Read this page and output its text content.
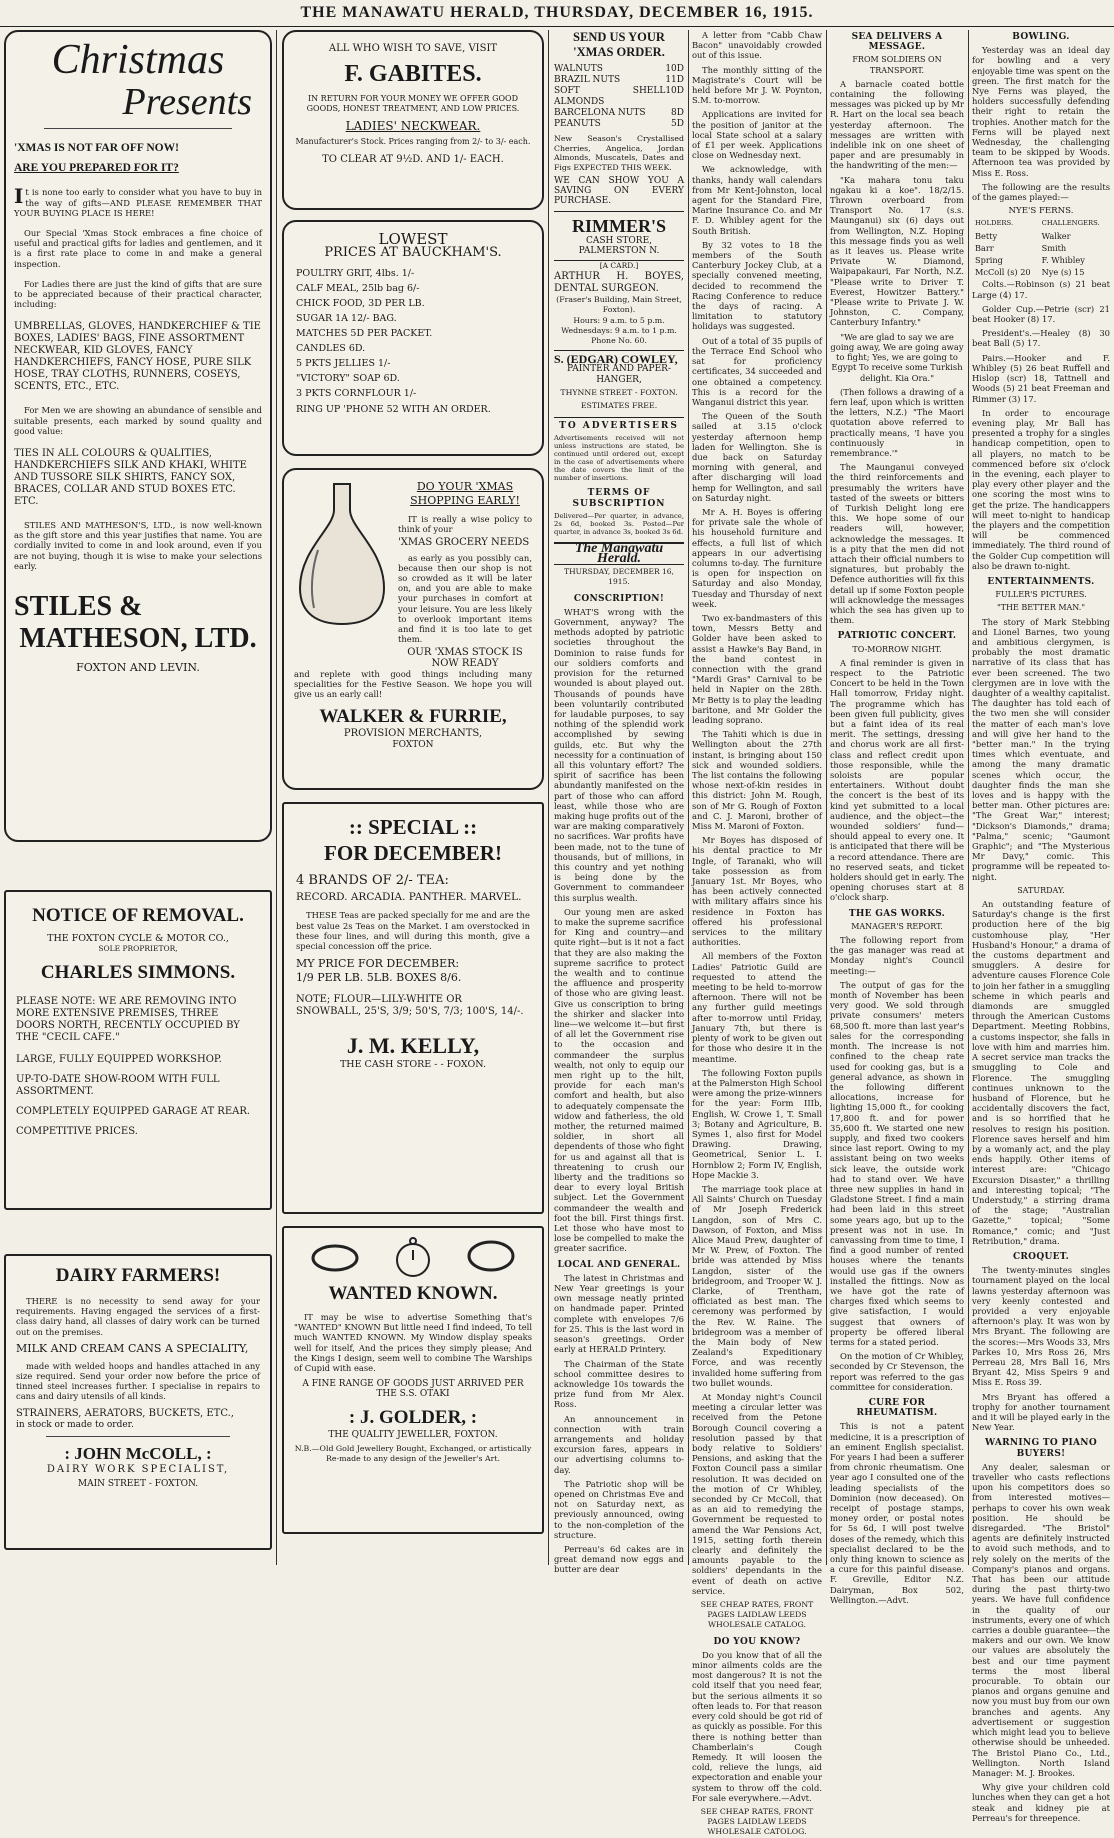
THE MANAWATU HERALD, THURSDAY, DECEMBER 16, 1915.
Christmas
Presents
'XMAS IS NOT FAR OFF NOW!
ARE YOU PREPARED FOR IT?

It is none too early to consider what you have to buy in the way of gifts—AND PLEASE REMEMBER THAT YOUR BUYING PLACE IS HERE!

Our Special 'Xmas Stock embraces a fine choice of useful and practical gifts for ladies and gentlemen, and it is a first rate place to come in and make a general inspection.

For Ladies there are just the kind of gifts that are sure to be appreciated because of their practical character, including:

UMBRELLAS, GLOVES, HANDKERCHIEF & TIE BOXES, LADIES' BAGS, FINE ASSORTMENT NECKWEAR, KID GLOVES, FANCY HANDKERCHIEFS, FANCY HOSE, PURE SILK HOSE, TRAY CLOTHS, RUNNERS, COSEYS, SCENTS, ETC., ETC.

For Men we are showing an abundance of sensible and suitable presents, each marked by sound quality and good value:

TIES IN ALL COLOURS & QUALITIES, HANDKERCHIEFS SILK AND KHAKI, WHITE AND TUSSORE SILK SHIRTS, FANCY SOX, BRACES, COLLAR AND STUD BOXES ETC. ETC.

STILES AND MATHESON'S, LTD., is now well-known as the gift store and this year justifies that name. You are cordially invited to come in and look around, even if you are not buying, though it is wise to make your selections early.

STILES &
MATHESON, LTD.
FOXTON AND LEVIN.
NOTICE OF REMOVAL.
THE FOXTON CYCLE & MOTOR CO.,
SOLE PROPRIETOR,
CHARLES SIMMONS.
PLEASE NOTE: WE ARE REMOVING INTO MORE EXTENSIVE PREMISES, THREE DOORS NORTH, RECENTLY OCCUPIED BY THE "CECIL CAFE."
LARGE, FULLY EQUIPPED WORKSHOP.
UP-TO-DATE SHOW-ROOM WITH FULL ASSORTMENT.
COMPLETELY EQUIPPED GARAGE AT REAR.
COMPETITIVE PRICES.
DAIRY FARMERS!

THERE is no necessity to send away for your requirements. Having engaged the services of a first-class dairy hand, all classes of dairy work can be turned out on the premises.

MILK AND CREAM CANS A SPECIALITY,

made with welded hoops and handles attached in any size required. Send your order now before the price of tinned steel increases further. I specialise in repairs to cans and dairy utensils of all kinds.

STRAINERS, AERATORS, BUCKETS, ETC.,
in stock or made to order.
: JOHN McCOLL, :
DAIRY WORK SPECIALIST,
MAIN STREET - FOXTON.
ALL WHO WISH TO SAVE, VISIT
F. GABITES.
IN RETURN FOR YOUR MONEY WE OFFER GOOD GOODS, HONEST TREATMENT, AND LOW PRICES.
LADIES' NECKWEAR.
Manufacturer's Stock. Prices ranging from 2/- to 3/- each.
TO CLEAR AT 9½D. AND 1/- EACH.
LOWEST
PRICES AT BAUCKHAM'S.
POULTRY GRIT, 4lbs. 1/-
CALF MEAL, 25lb bag 6/-
CHICK FOOD, 3D PER LB.
SUGAR 1A 12/- BAG.
MATCHES 5D PER PACKET.
CANDLES 6D.
5 PKTS JELLIES 1/-
"VICTORY" SOAP 6D.
3 PKTS CORNFLOUR 1/-
RING UP 'PHONE 52 WITH AN ORDER.
DO YOUR 'XMAS SHOPPING EARLY!

IT is really a wise policy to think of your

'XMAS GROCERY NEEDS

as early as you possibly can, because then our shop is not so crowded as it will be later on, and you are able to make your purchases in comfort at your leisure. You are less likely to overlook important items and find it is too late to get them.

OUR 'XMAS STOCK IS NOW READY

and replete with good things including many specialities for the Festive Season. We hope you will give us an early call!

WALKER & FURRIE,
PROVISION MERCHANTS,
FOXTON
:: SPECIAL ::
FOR DECEMBER!
4 BRANDS OF 2/- TEA:
RECORD. ARCADIA. PANTHER. MARVEL.

THESE Teas are packed specially for me and are the best value 2s Teas on the Market. I am overstocked in these four lines, and will during this month, give a special concession off the price.

MY PRICE FOR DECEMBER:
1/9 PER LB. 5LB. BOXES 8/6.
NOTE; FLOUR—LILY-WHITE OR SNOWBALL, 25'S, 3/9; 50'S, 7/3; 100'S, 14/-.
J. M. KELLY,
THE CASH STORE - - FOXON.
WANTED KNOWN.

IT may be wise to advertise Something that's "WANTED" KNOWN But little need I find indeed, To tell much WANTED KNOWN. My Window display speaks well for itself, And the prices they simply please; And the Kings I design, seem well to combine The Warships of Cupid with ease.

A FINE RANGE OF GOODS JUST ARRIVED PER THE S.S. OTAKI
: J. GOLDER, :
THE QUALITY JEWELLER, FOXTON.
N.B.—Old Gold Jewellery Bought, Exchanged, or artistically Re-made to any design of the Jeweller's Art.
SEND US YOUR 'XMAS ORDER.
WALNUTS	10D
BRAZIL NUTS	11D
SOFT SHELL ALMONDS
10D
BARCELONA NUTS	8D
PEANUTS	5D
New Season's Crystallised Cherries, Angelica, Jordan Almonds, Muscatels, Dates and Figs EXPECTED THIS WEEK.
WE CAN SHOW YOU A SAVING ON EVERY PURCHASE.
RIMMER'S
CASH STORE, PALMERSTON N.
[A CARD.]
ARTHUR H. BOYES, DENTAL SURGEON.
(Fraser's Building, Main Street, Foxton).
Hours: 9 a.m. to 5 p.m. Wednesdays: 9 a.m. to 1 p.m. Phone No. 60.
S. (EDGAR) COWLEY,
PAINTER AND PAPER-HANGER,
THYNNE STREET - FOXTON.
ESTIMATES FREE.
TO ADVERTISERS
Advertisements received will not unless instructions are stated, be continued until ordered out, except in the case of advertisements where the date covers the limit of the number of insertions.
TERMS OF SUBSCRIPTION
Delivered—Per quarter, in advance, 2s 6d, booked 3s. Posted—Per quarter, in advance 3s, booked 3s 6d.
The Manawatu Herald.
THURSDAY, DECEMBER 16, 1915.
CONSCRIPTION!

WHAT'S wrong with the Government, anyway? The methods adopted by patriotic societies throughout the Dominion to raise funds for our soldiers comforts and provision for the returned wounded is about played out. Thousands of pounds have been voluntarily contributed for laudable purposes, to say nothing of the splendid work accomplished by sewing guilds, etc. But why the necessity for a continuation of all this voluntary effort? The spirit of sacrifice has been abundantly manifested on the part of those who can afford least, while those who are making huge profits out of the war are making comparatively no sacrifices. War profits have been made, not to the tune of thousands, but of millions, in this country and yet nothing is being done by the Government to commandeer this surplus wealth.

Our young men are asked to make the supreme sacrifice for King and country—and quite right—but is it not a fact that they are also making the supreme sacrifice to protect the wealth and to continue the affluence and prosperity of those who are giving least. Give us conscription to bring the shirker and slacker into line—we welcome it—but first of all let the Government rise to the occasion and commandeer the surplus wealth, not only to equip our men right up to the hilt, provide for each man's comfort and health, but also to adequately compensate the widow and fatherless, the old mother, the returned maimed soldier, in short all dependents of those who fight for us and against all that is threatening to crush our liberty and the traditions so dear to every loyal British subject. Let the Government commandeer the wealth and foot the bill. First things first. Let those who have most to lose be compelled to make the greater sacrifice.

LOCAL AND GENERAL.

The latest in Christmas and New Year greetings is your own message neatly printed on handmade paper. Printed complete with envelopes 7/6 for 25. This is the last word in season's greetings. Order early at HERALD Printery.

The Chairman of the State school committee desires to acknowledge 10s towards the prize fund from Mr Alex. Ross.

An announcement in connection with train arrangements and holiday excursion fares, appears in our advertising columns to-day.

The Patriotic shop will be opened on Christmas Eve and not on Saturday next, as previously announced, owing to the non-completion of the structure.

Perreau's 6d cakes are in great demand now eggs and butter are dear

A letter from "Cabb Chaw Bacon" unavoidably crowded out of this issue.

The monthly sitting of the Magistrate's Court will be held before Mr J. W. Poynton, S.M. to-morrow.

Applications are invited for the position of janitor at the local State school at a salary of £1 per week. Applications close on Wednesday next.

We acknowledge, with thanks, handy wall calendars from Mr Kent-Johnston, local agent for the Standard Fire, Marine Insurance Co. and Mr F. D. Whibley agent for the South British.

By 32 votes to 18 the members of the South Canterbury Jockey Club, at a specially convened meeting, decided to recommend the Racing Conference to reduce the days of racing. A limitation to statutory holidays was suggested.

Out of a total of 35 pupils of the Terrace End School who sat for proficiency certificates, 34 succeeded and one obtained a competency. This is a record for the Wanganui district this year.

The Queen of the South sailed at 3.15 o'clock yesterday afternoon hemp laden for Wellington. She is due back on Saturday morning with general, and after discharging will load hemp for Wellington, and sail on Saturday night.

Mr A. H. Boyes is offering for private sale the whole of his household furniture and effects, a full list of which appears in our advertising columns to-day. The furniture is open for inspection on Saturday and also Monday, Tuesday and Thursday of next week.

Two ex-bandmasters of this town, Messrs Betty and Golder have been asked to assist a Hawke's Bay Band, in the band contest in connection with the grand "Mardi Gras" Carnival to be held in Napier on the 28th. Mr Betty is to play the leading baritone, and Mr Golder the leading soprano.

The Tahiti which is due in Wellington about the 27th instant, is bringing about 150 sick and wounded soldiers. The list contains the following whose next-of-kin resides in this district: John M. Rough, son of Mr G. Rough of Foxton and C. J. Maroni, brother of Miss M. Maroni of Foxton.

Mr Boyes has disposed of his dental practice to Mr Ingle, of Taranaki, who will take possession as from January 1st. Mr Boyes, who has been actively connected with military affairs since his residence in Foxton has offered his professional services to the military authorities.

All members of the Foxton Ladies' Patriotic Guild are requested to attend the meeting to be held to-morrow afternoon. There will not be any further guild meetings after to-morrow until Friday, January 7th, but there is plenty of work to be given out for those who desire it in the meantime.

The following Foxton pupils at the Palmerston High School were among the prize-winners for the year: Form IIIb, English, W. Crowe 1, T. Small 3; Botany and Agriculture, B. Symes 1, also first for Model Drawing. Drawing, Geometrical, Senior L. I. Hornblow 2; Form IV, English, Hope Mackie 3.

The marriage took place at All Saints' Church on Tuesday of Mr Joseph Frederick Langdon, son of Mrs C. Dawson, of Foxton, and Miss Alice Maud Prew, daughter of Mr W. Prew, of Foxton. The bride was attended by Miss Langdon, sister of the bridegroom, and Trooper W. J. Clarke, of Trentham, officiated as best man. The ceremony was performed by the Rev. W. Raine. The bridegroom was a member of the Main body of New Zealand's Expeditionary Force, and was recently invalided home suffering from two bullet wounds.

At Monday night's Council meeting a circular letter was received from the Petone Borough Council covering a resolution passed by that body relative to Soldiers' Pensions, and asking that the Foxton Council pass a similar resolution. It was decided on the motion of Cr Whibley, seconded by Cr McColl, that as an aid to remedying the Government be requested to amend the War Pensions Act, 1915, setting forth therein clearly and definitely the amounts payable to the soldiers' dependants in the event of death on active service.

SEE CHEAP RATES, FRONT PAGES LAIDLAW LEEDS WHOLESALE CATALOG.
DO YOU KNOW?

Do you know that of all the minor ailments colds are the most dangerous? It is not the cold itself that you need fear, but the serious ailments it so often leads to. For that reason every cold should be got rid of as quickly as possible. For this there is nothing better than Chamberlain's Cough Remedy. It will loosen the cold, relieve the lungs, aid expectoration and enable your system to throw off the cold. For sale everywhere.—Advt.

SEE CHEAP RATES, FRONT PAGES LAIDLAW LEEDS WHOLESALE CATOLOG.
SEA DELIVERS A MESSAGE.
FROM SOLDIERS ON TRANSPORT.

A barnacle coated bottle containing the following messages was picked up by Mr R. Hart on the local sea beach yesterday afternoon. The messages are written with indelible ink on one sheet of paper and are presumably in the handwriting of the men:—

"Ka mahara tonu taku ngakau ki a koe". 18/2/15. Thrown overboard from Transport No. 17 (s.s. Maunganui) six (6) days out from Wellington, N.Z. Hoping this message finds you as well as it leaves us. Please write Private W. Diamond, Waipapakauri, Far North, N.Z. "Please write to Driver T. Everest, Howitzer Battery." "Please write to Private J. W. Johnston, C. Company, Canterbury Infantry."

"We are glad to say we are going away, We are going away to fight; Yes, we are going to Egypt To receive some Turkish delight. Kia Ora."

(Then follows a drawing of a fern leaf, upon which is written the letters, N.Z.) "The Maori quotation above referred to practically means, 'I have you continuously in remembrance.'"

The Maunganui conveyed the third reinforcements and presumably the writers have tasted of the sweets or bitters of Turkish Delight long ere this. We hope some of our readers will, however, acknowledge the messages. It is a pity that the men did not attach their official numbers to signatures, but probably the Defence authorities will fix this detail up if some Foxton people will acknowledge the messages which the sea has given up to them.

PATRIOTIC CONCERT.
TO-MORROW NIGHT.

A final reminder is given in respect to the Patriotic Concert to be held in the Town Hall tomorrow, Friday night. The programme which has been given full publicity, gives but a faint idea of its real merit. The settings, dressing and chorus work are all first-class and reflect credit upon those responsible, while the soloists are popular entertainers. Without doubt the concert is the best of its kind yet submitted to a local audience, and the object—the wounded soldiers' fund—should appeal to every one. It is anticipated that there will be a record attendance. There are no reserved seats, and ticket holders should get in early. The opening choruses start at 8 o'clock sharp.

THE GAS WORKS.
MANAGER'S REPORT.

The following report from the gas manager was read at Monday night's Council meeting:—

The output of gas for the month of November has been very good. We sold through private consumers' meters 68,500 ft. more than last year's sales for the corresponding month. The increase is not confined to the cheap rate used for cooking gas, but is a general advance, as shown in the following different allocations, increase for lighting 15,000 ft., for cooking 17,800 ft. and for power 35,600 ft. We started one new supply, and fixed two cookers since last report. Owing to my assistant being on two weeks sick leave, the outside work had to stand over. We have three new supplies in hand in Gladstone Street. I find a main had been laid in this street some years ago, but up to the present was not in use. In canvassing from time to time, I find a good number of rented houses where the tenants would use gas if the owners installed the fittings. Now as we have got the rate of charges fixed which seems to give satisfaction, I would suggest that owners of property be offered liberal terms for a stated period.

On the motion of Cr Whibley, seconded by Cr Stevenson, the report was referred to the gas committee for consideration.

CURE FOR RHEUMATISM.

This is not a patent medicine, it is a prescription of an eminent English specialist. For years I had been a sufferer from chronic rheumatism. One year ago I consulted one of the leading specialists of the Dominion (now deceased). On receipt of postage stamps, money order, or postal notes for 5s 6d, I will post twelve doses of the remedy, which this specialist declared to be the only thing known to science as a cure for this painful disease. F. Greville, Editor N.Z. Dairyman, Box 502, Wellington.—Advt.

BOWLING.

Yesterday was an ideal day for bowling and a very enjoyable time was spent on the green. The first match for the Nye Ferns was played, the holders successfully defending their right to retain the trophies. Another match for the Ferns will be played next Wednesday, the challenging team to be skipped by Woods. Afternoon tea was provided by Miss E. Ross.

The following are the results of the games played:—

NYE'S FERNS.
HOLDERS.	CHALLENGERS.
Betty	Walker
Barr	Smith
Spring	F. Whibley
McColl (s) 20	Nye (s) 15

Colts.—Robinson (s) 21 beat Large (4) 17.

Golder Cup.—Petrie (scr) 21 beat Hooker (8) 17.

President's.—Healey (8) 30 beat Ball (5) 17.

Pairs.—Hooker and F. Whibley (5) 26 beat Ruffell and Hislop (scr) 18, Tattnell and Woods (5) 21 beat Freeman and Rimmer (3) 17.

In order to encourage evening play, Mr Ball has presented a trophy for a singles handicap competition, open to all players, no match to be commenced before six o'clock in the evening, each player to play every other player and the one scoring the most wins to get the prize. The handicappers will meet to-night to handicap the players and the competition will be commenced immediately. The third round of the Golder Cup competition will also be drawn to-night.

ENTERTAINMENTS.
FULLER'S PICTURES.
"THE BETTER MAN."

The story of Mark Stebbing and Lionel Barnes, two young and ambitious clergymen, is probably the most dramatic narrative of its class that has ever been screened. The two clergymen are in love with the daughter of a wealthy capitalist. The daughter has told each of the two men she will consider the matter of each man's love and will give her hand to the "better man." In the trying times which eventuate, and among the many dramatic scenes which occur, the daughter finds the man she loves and is happy with the better man. Other pictures are: "The Great War," interest; "Dickson's Diamonds," drama; "Palma," scenic; "Gaumont Graphic"; and "The Mysterious Mr Davy," comic. This programme will be repeated to-night.

SATURDAY.

An outstanding feature of Saturday's change is the first production here of the big customhouse play, "Her Husband's Honour," a drama of the customs department and smugglers. A desire for adventure causes Florence Cole to join her father in a smuggling scheme in which pearls and diamonds are smuggled through the American Customs Department. Meeting Robbins, a customs inspector, she falls in love with him and marries him. A secret service man tracks the smuggling to Cole and Florence. The smuggling continues unknown to the husband of Florence, but he accidentally discovers the fact, and is so horrified that he resolves to resign his position. Florence saves herself and him by a womanly act, and the play ends happily. Other items of interest are: "Chicago Excursion Disaster," a thrilling and interesting topical; "The Understudy," a stirring drama of the stage; "Australian Gazette," topical; "Some Romance," comic; and "Just Retribution," drama.

CROQUET.

The twenty-minutes singles tournament played on the local lawns yesterday afternoon was very keenly contested and provided a very enjoyable afternoon's play. It was won by Mrs Bryant. The following are the scores:—Mrs Woods 33, Mrs Parkes 10, Mrs Ross 26, Mrs Perreau 28, Mrs Ball 16, Mrs Bryant 42, Miss Speirs 9 and Miss E. Ross 39.

Mrs Bryant has offered a trophy for another tournament and it will be played early in the New Year.

WARNING TO PIANO BUYERS!

Any dealer, salesman or traveller who casts reflections upon his competitors does so from interested motives—perhaps to cover his own weak position. He should be disregarded. "The Bristol" agents are definitely instructed to avoid such methods, and to rely solely on the merits of the Company's pianos and organs. That has been our attitude during the past thirty-two years. We have full confidence in the quality of our instruments, every one of which carries a double guarantee—the makers and our own. We know our values are absolutely the best and our time payment terms the most liberal procurable. To obtain our pianos and organs genuine and now you must buy from our own branches and agents. Any advertisement or suggestion which might lead you to believe otherwise should be unheeded. The Bristol Piano Co., Ltd., Wellington. North Island Manager: M. J. Brookes.

Why give your children cold lunches when they can get a hot steak and kidney pie at Perreau's for threepence.
